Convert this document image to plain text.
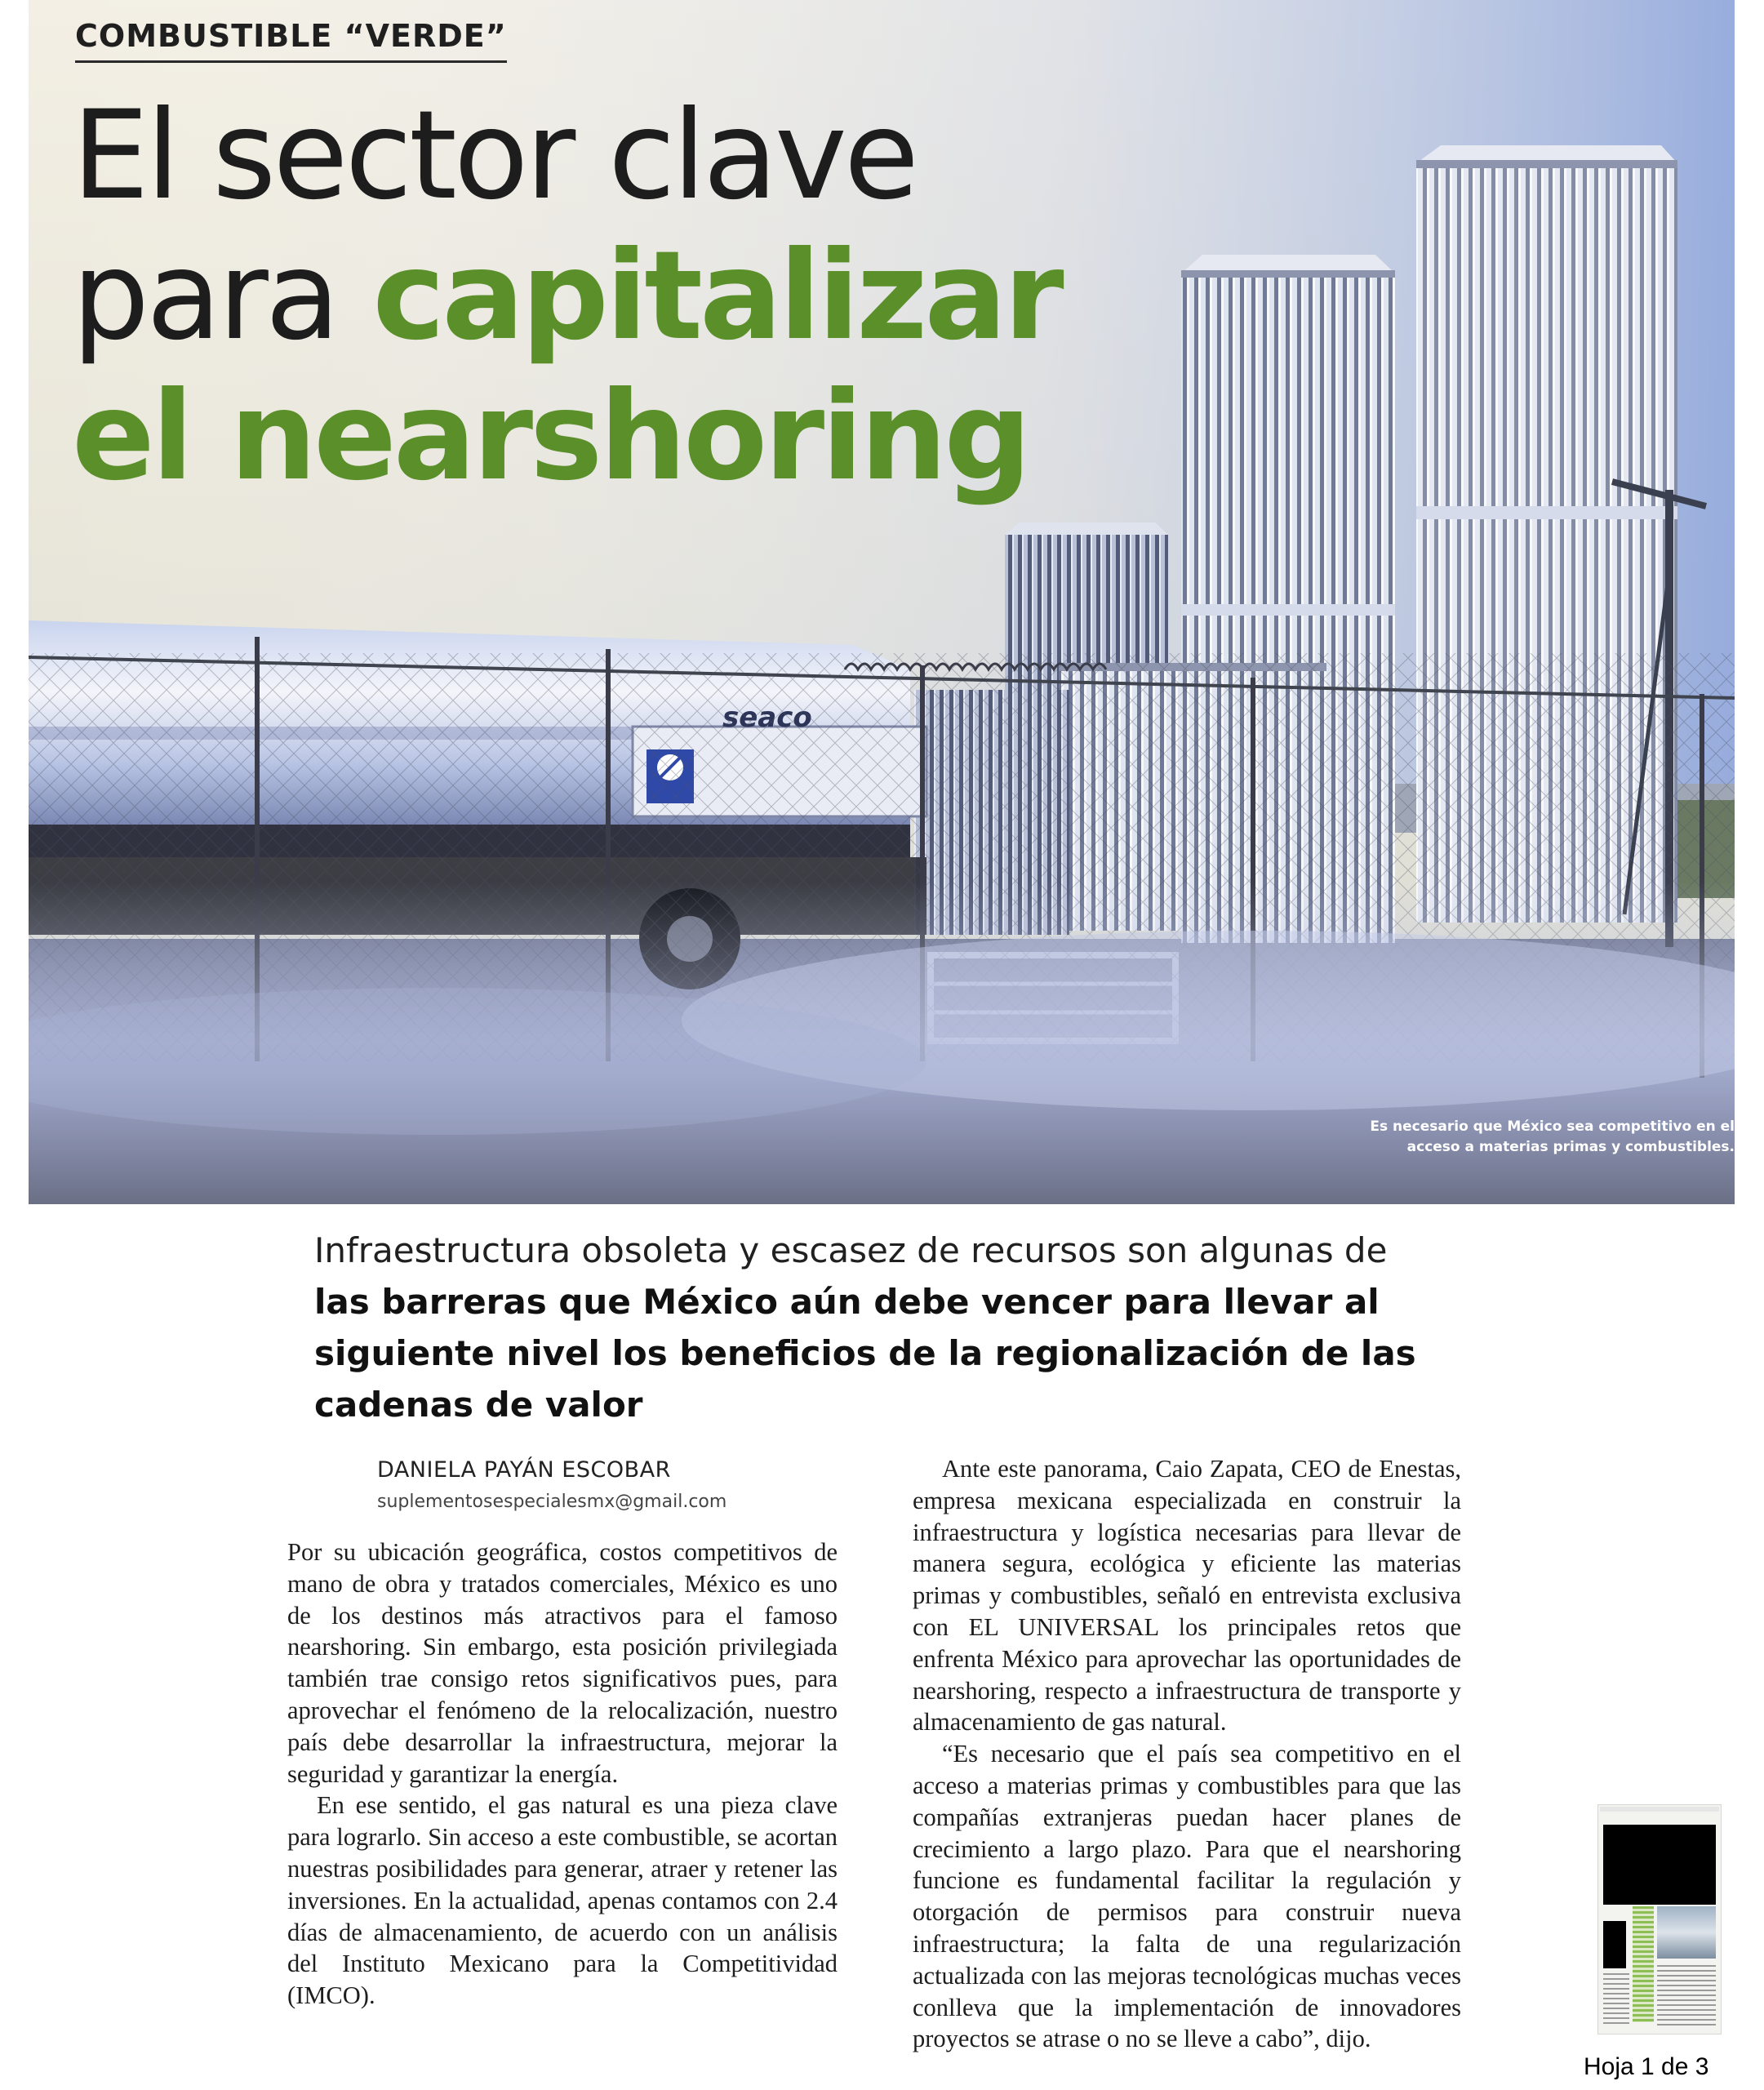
Es necesario que México sea competitivo en el
acceso a materias primas y combustibles.
COMBUSTIBLE “VERDE”
El sector clave
para capitalizar
el nearshoring

Infraestructura obsoleta y escasez de recursos son algunas de las barreras que México aún debe vencer para llevar al siguiente nivel los beneficios de la regionalización de las cadenas de valor

DANIELA PAYÁN ESCOBAR
suplementosespecialesmx@gmail.com

Por su ubicación geográfica, costos competitivos de mano de obra y tratados comerciales, México es uno de los destinos más atractivos para el famoso nearshoring. Sin embargo, esta posición privilegiada también trae consigo retos significativos pues, para aprovechar el fenómeno de la relocalización, nuestro país debe desarrollar la infraestructura, mejorar la seguridad y garantizar la energía.

En ese sentido, el gas natural es una pieza clave para lograrlo. Sin acceso a este combustible, se acortan nuestras posibilidades para generar, atraer y retener las inversiones. En la actualidad, apenas contamos con 2.4 días de almacenamiento, de acuerdo con un análisis del Instituto Mexicano para la Competitividad (IMCO).

Ante este panorama, Caio Zapata, CEO de Enestas, empresa mexicana especializada en construir la infraestructura y logística necesarias para llevar de manera segura, ecológica y eficiente las materias primas y combustibles, señaló en entrevista exclusiva con EL UNIVERSAL los principales retos que enfrenta México para aprovechar las oportunidades de nearshoring, respecto a infraestructura de transporte y almacenamiento de gas natural.

“Es necesario que el país sea competitivo en el acceso a materias primas y combustibles para que las compañías extranjeras puedan hacer planes de crecimiento a largo plazo. Para que el nearshoring funcione es fundamental facilitar la regulación y otorgación de permisos para construir nueva infraestructura; la falta de una regularización actualizada con las mejoras tecnológicas muchas veces conlleva que la implementación de innovadores proyectos se atrase o no se lleve a cabo”, dijo.

Hoja 1 de 3
